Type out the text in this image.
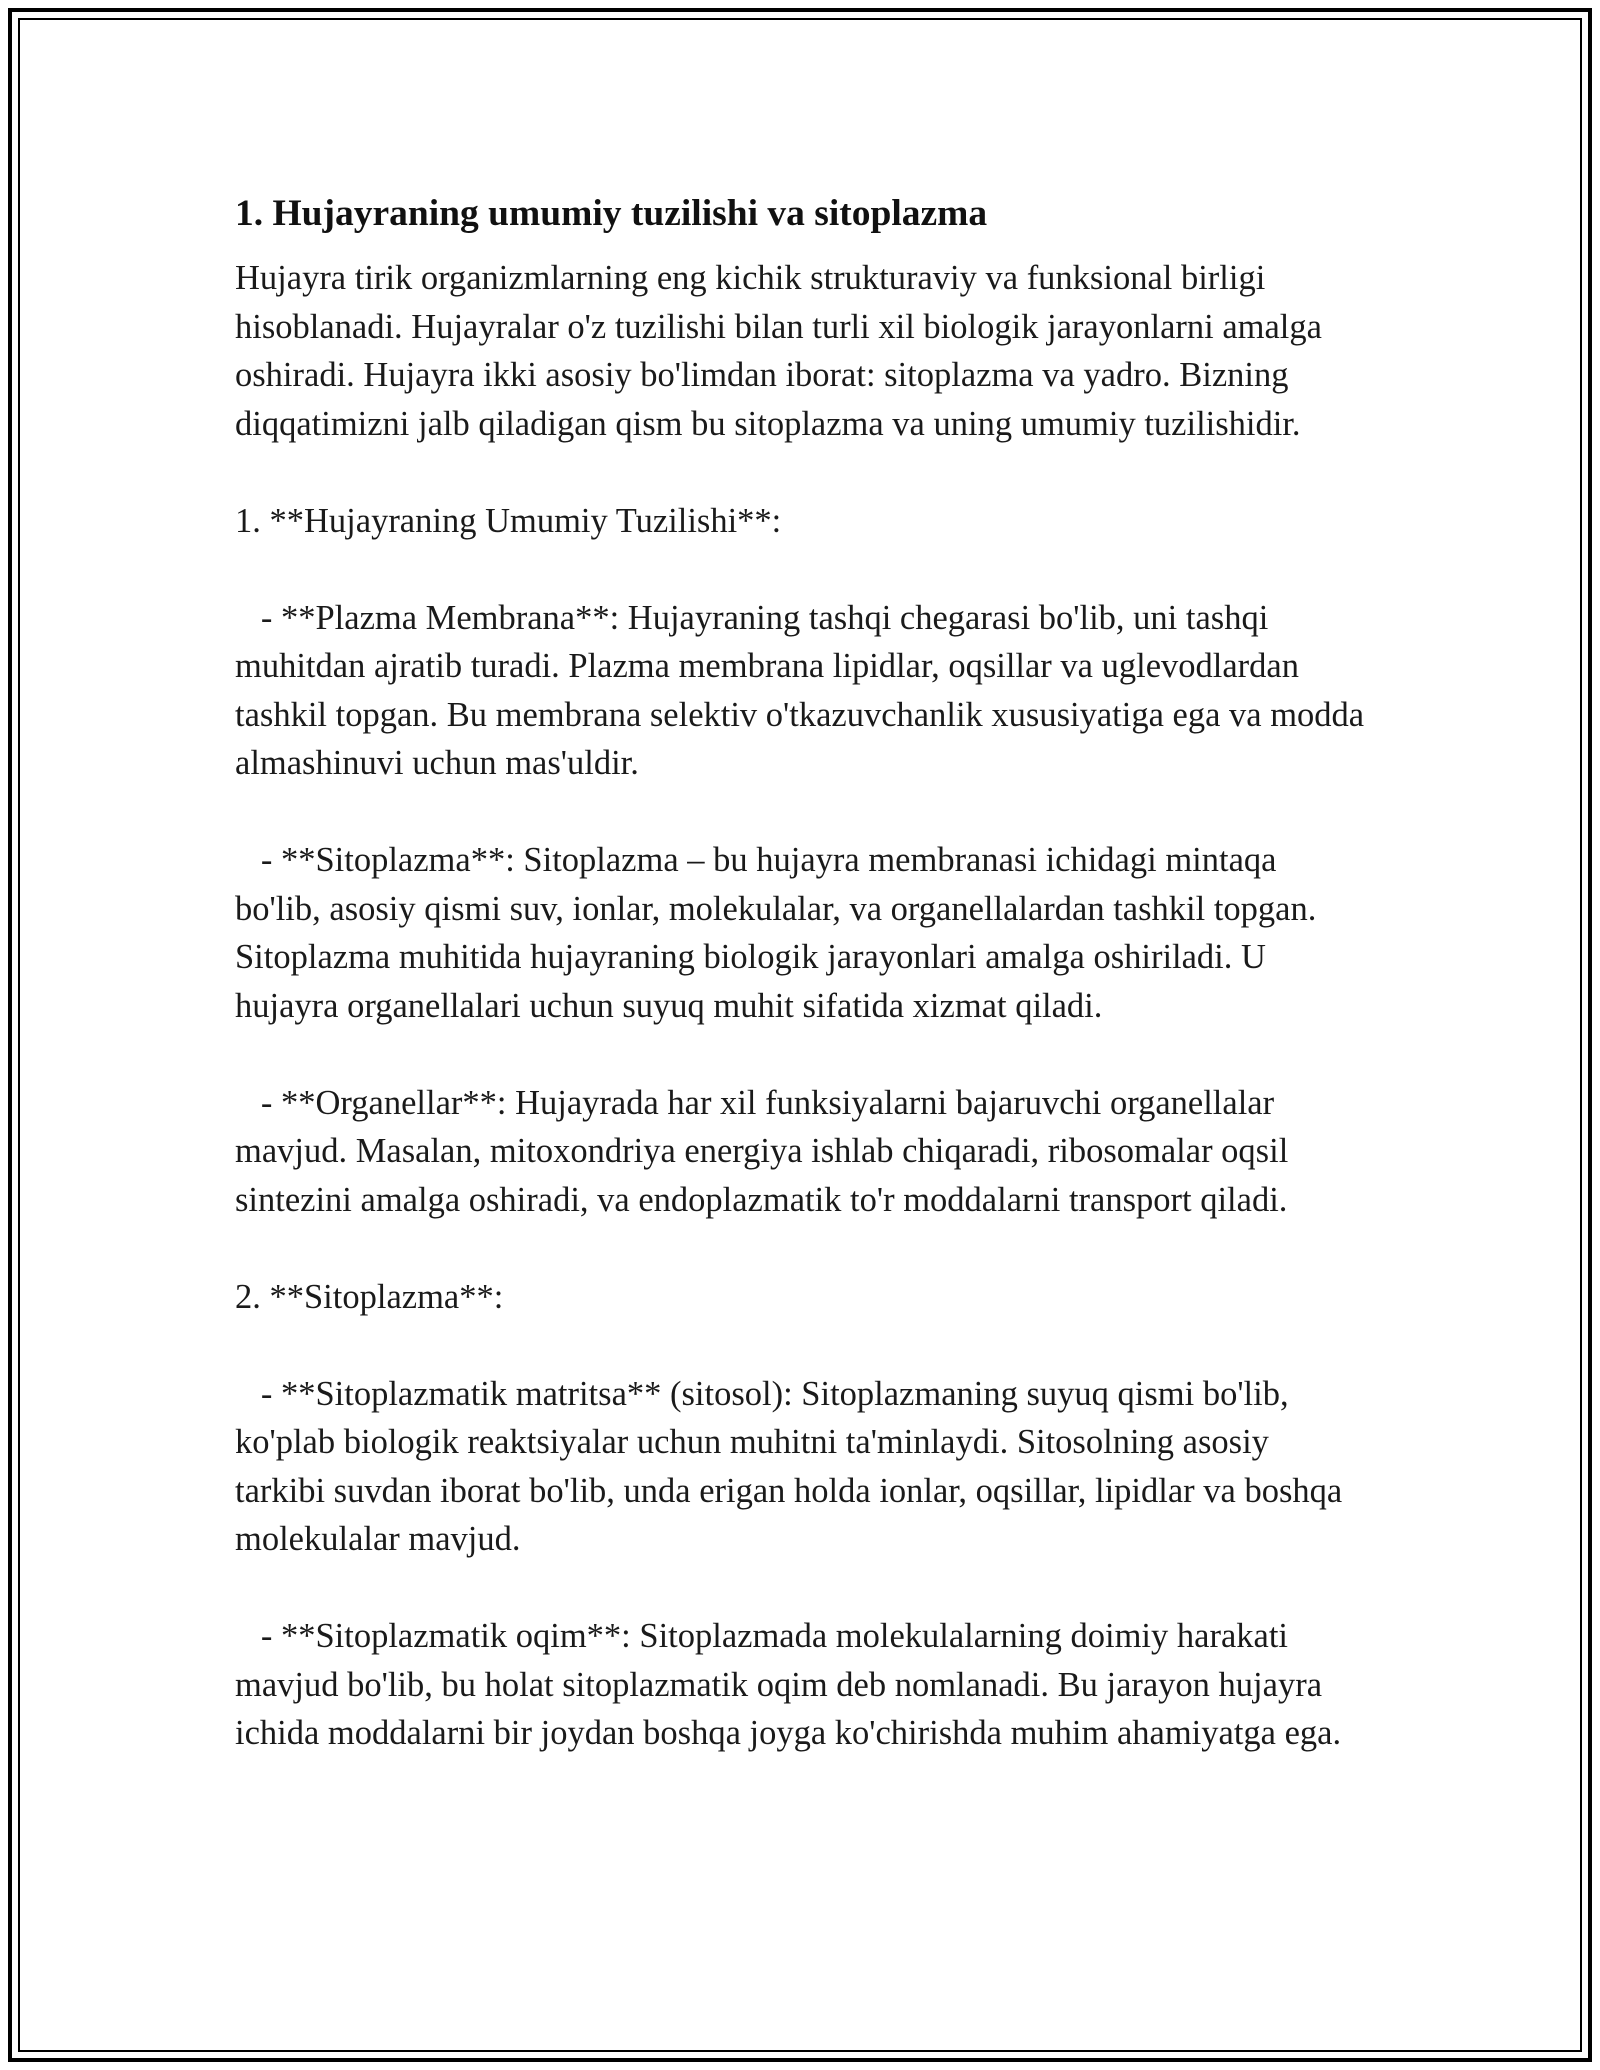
1. Hujayraning umumiy tuzilishi va sitoplazma

Hujayra tirik organizmlarning eng kichik strukturaviy va funksional birligi hisoblanadi. Hujayralar o'z tuzilishi bilan turli xil biologik jarayonlarni amalga oshiradi. Hujayra ikki asosiy bo'limdan iborat: sitoplazma va yadro. Bizning diqqatimizni jalb qiladigan qism bu sitoplazma va uning umumiy tuzilishidir.

1. **Hujayraning Umumiy Tuzilishi**:

- **Plazma Membrana**: Hujayraning tashqi chegarasi bo'lib, uni tashqi muhitdan ajratib turadi. Plazma membrana lipidlar, oqsillar va uglevodlardan tashkil topgan. Bu membrana selektiv o'tkazuvchanlik xususiyatiga ega va modda almashinuvi uchun mas'uldir.

- **Sitoplazma**: Sitoplazma – bu hujayra membranasi ichidagi mintaqa bo'lib, asosiy qismi suv, ionlar, molekulalar, va organellalardan tashkil topgan. Sitoplazma muhitida hujayraning biologik jarayonlari amalga oshiriladi. U hujayra organellalari uchun suyuq muhit sifatida xizmat qiladi.

- **Organellar**: Hujayrada har xil funksiyalarni bajaruvchi organellalar mavjud. Masalan, mitoxondriya energiya ishlab chiqaradi, ribosomalar oqsil sintezini amalga oshiradi, va endoplazmatik to'r moddalarni transport qiladi.

2. **Sitoplazma**:

- **Sitoplazmatik matritsa** (sitosol): Sitoplazmaning suyuq qismi bo'lib, ko'plab biologik reaktsiyalar uchun muhitni ta'minlaydi. Sitosolning asosiy tarkibi suvdan iborat bo'lib, unda erigan holda ionlar, oqsillar, lipidlar va boshqa molekulalar mavjud.

- **Sitoplazmatik oqim**: Sitoplazmada molekulalarning doimiy harakati mavjud bo'lib, bu holat sitoplazmatik oqim deb nomlanadi. Bu jarayon hujayra ichida moddalarni bir joydan boshqa joyga ko'chirishda muhim ahamiyatga ega.
